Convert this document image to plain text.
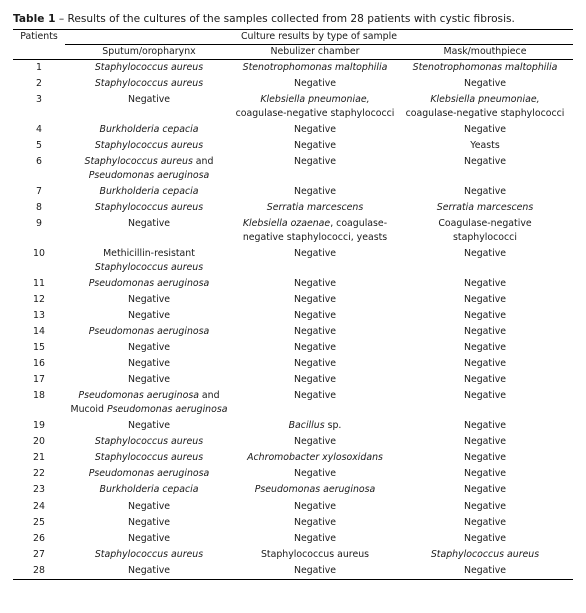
Table 1 – Results of the cultures of the samples collected from 28 patients with cystic fibrosis.
Patients	Culture results by type of sample		
	Sputum/oropharynx	Nebulizer chamber	Mask/mouthpiece
1	Staphylococcus aureus	Stenotrophomonas maltophilia	Stenotrophomonas maltophilia
2	Staphylococcus aureus	Negative	Negative
3	Negative	Klebsiella pneumoniae,
coagulase-negative staphylococci	Klebsiella pneumoniae,
coagulase-negative staphylococci
4	Burkholderia cepacia	Negative	Negative
5	Staphylococcus aureus	Negative	Yeasts
6	Staphylococcus aureus and
Pseudomonas aeruginosa	Negative	Negative
7	Burkholderia cepacia	Negative	Negative
8	Staphylococcus aureus	Serratia marcescens	Serratia marcescens
9	Negative	Klebsiella ozaenae, coagulase-
negative staphylococci, yeasts	Coagulase-negative
staphylococci
10	Methicillin-resistant
Staphylococcus aureus	Negative	Negative
11	Pseudomonas aeruginosa	Negative	Negative
12	Negative	Negative	Negative
13	Negative	Negative	Negative
14	Pseudomonas aeruginosa	Negative	Negative
15	Negative	Negative	Negative
16	Negative	Negative	Negative
17	Negative	Negative	Negative
18	Pseudomonas aeruginosa and
Mucoid Pseudomonas aeruginosa	Negative	Negative
19	Negative	Bacillus sp.	Negative
20	Staphylococcus aureus	Negative	Negative
21	Staphylococcus aureus	Achromobacter xylosoxidans	Negative
22	Pseudomonas aeruginosa	Negative	Negative
23	Burkholderia cepacia	Pseudomonas aeruginosa	Negative
24	Negative	Negative	Negative
25	Negative	Negative	Negative
26	Negative	Negative	Negative
27	Staphylococcus aureus	Staphylococcus aureus	Staphylococcus aureus
28	Negative	Negative	Negative
